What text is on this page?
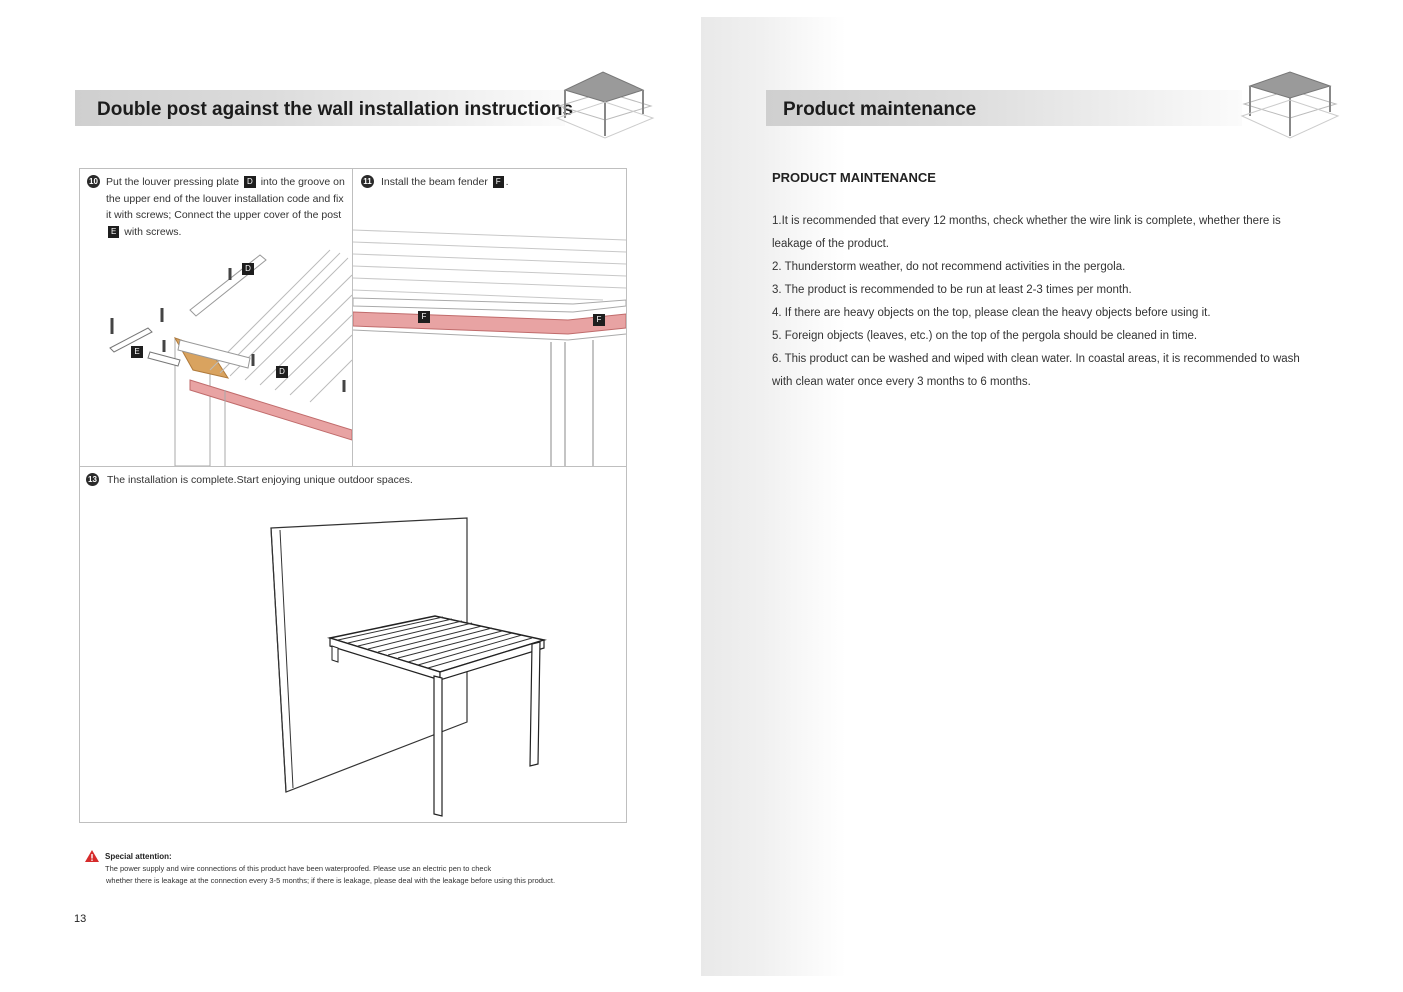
Double post against the wall installation instructions
10 Put the louver pressing plate D into the groove on the upper end of the louver installation code and fix it with screws; Connect the upper cover of the post E with screws.
D
D
E
11 Install the beam fender F .
F	F
13 The installation is complete.Start enjoying unique outdoor spaces.
Special attention:
The power supply and wire connections of this product have been waterproofed. Please use an electric pen to check
whether there is leakage at the connection every 3-5 months; if there is leakage, please deal with the leakage before using this product.
13
Product maintenance
PRODUCT MAINTENANCE

1.It is recommended that every 12 months, check whether the wire link is complete, whether there is leakage of the product.

2. Thunderstorm weather, do not recommend activities in the pergola.

3. The product is recommended to be run at least 2-3 times per month.

4. If there are heavy objects on the top, please clean the heavy objects before using it.

5. Foreign objects (leaves, etc.) on the top of the pergola should be cleaned in time.

6. This product can be washed and wiped with clean water. In coastal areas, it is recommended to wash with clean water once every 3 months to 6 months.
